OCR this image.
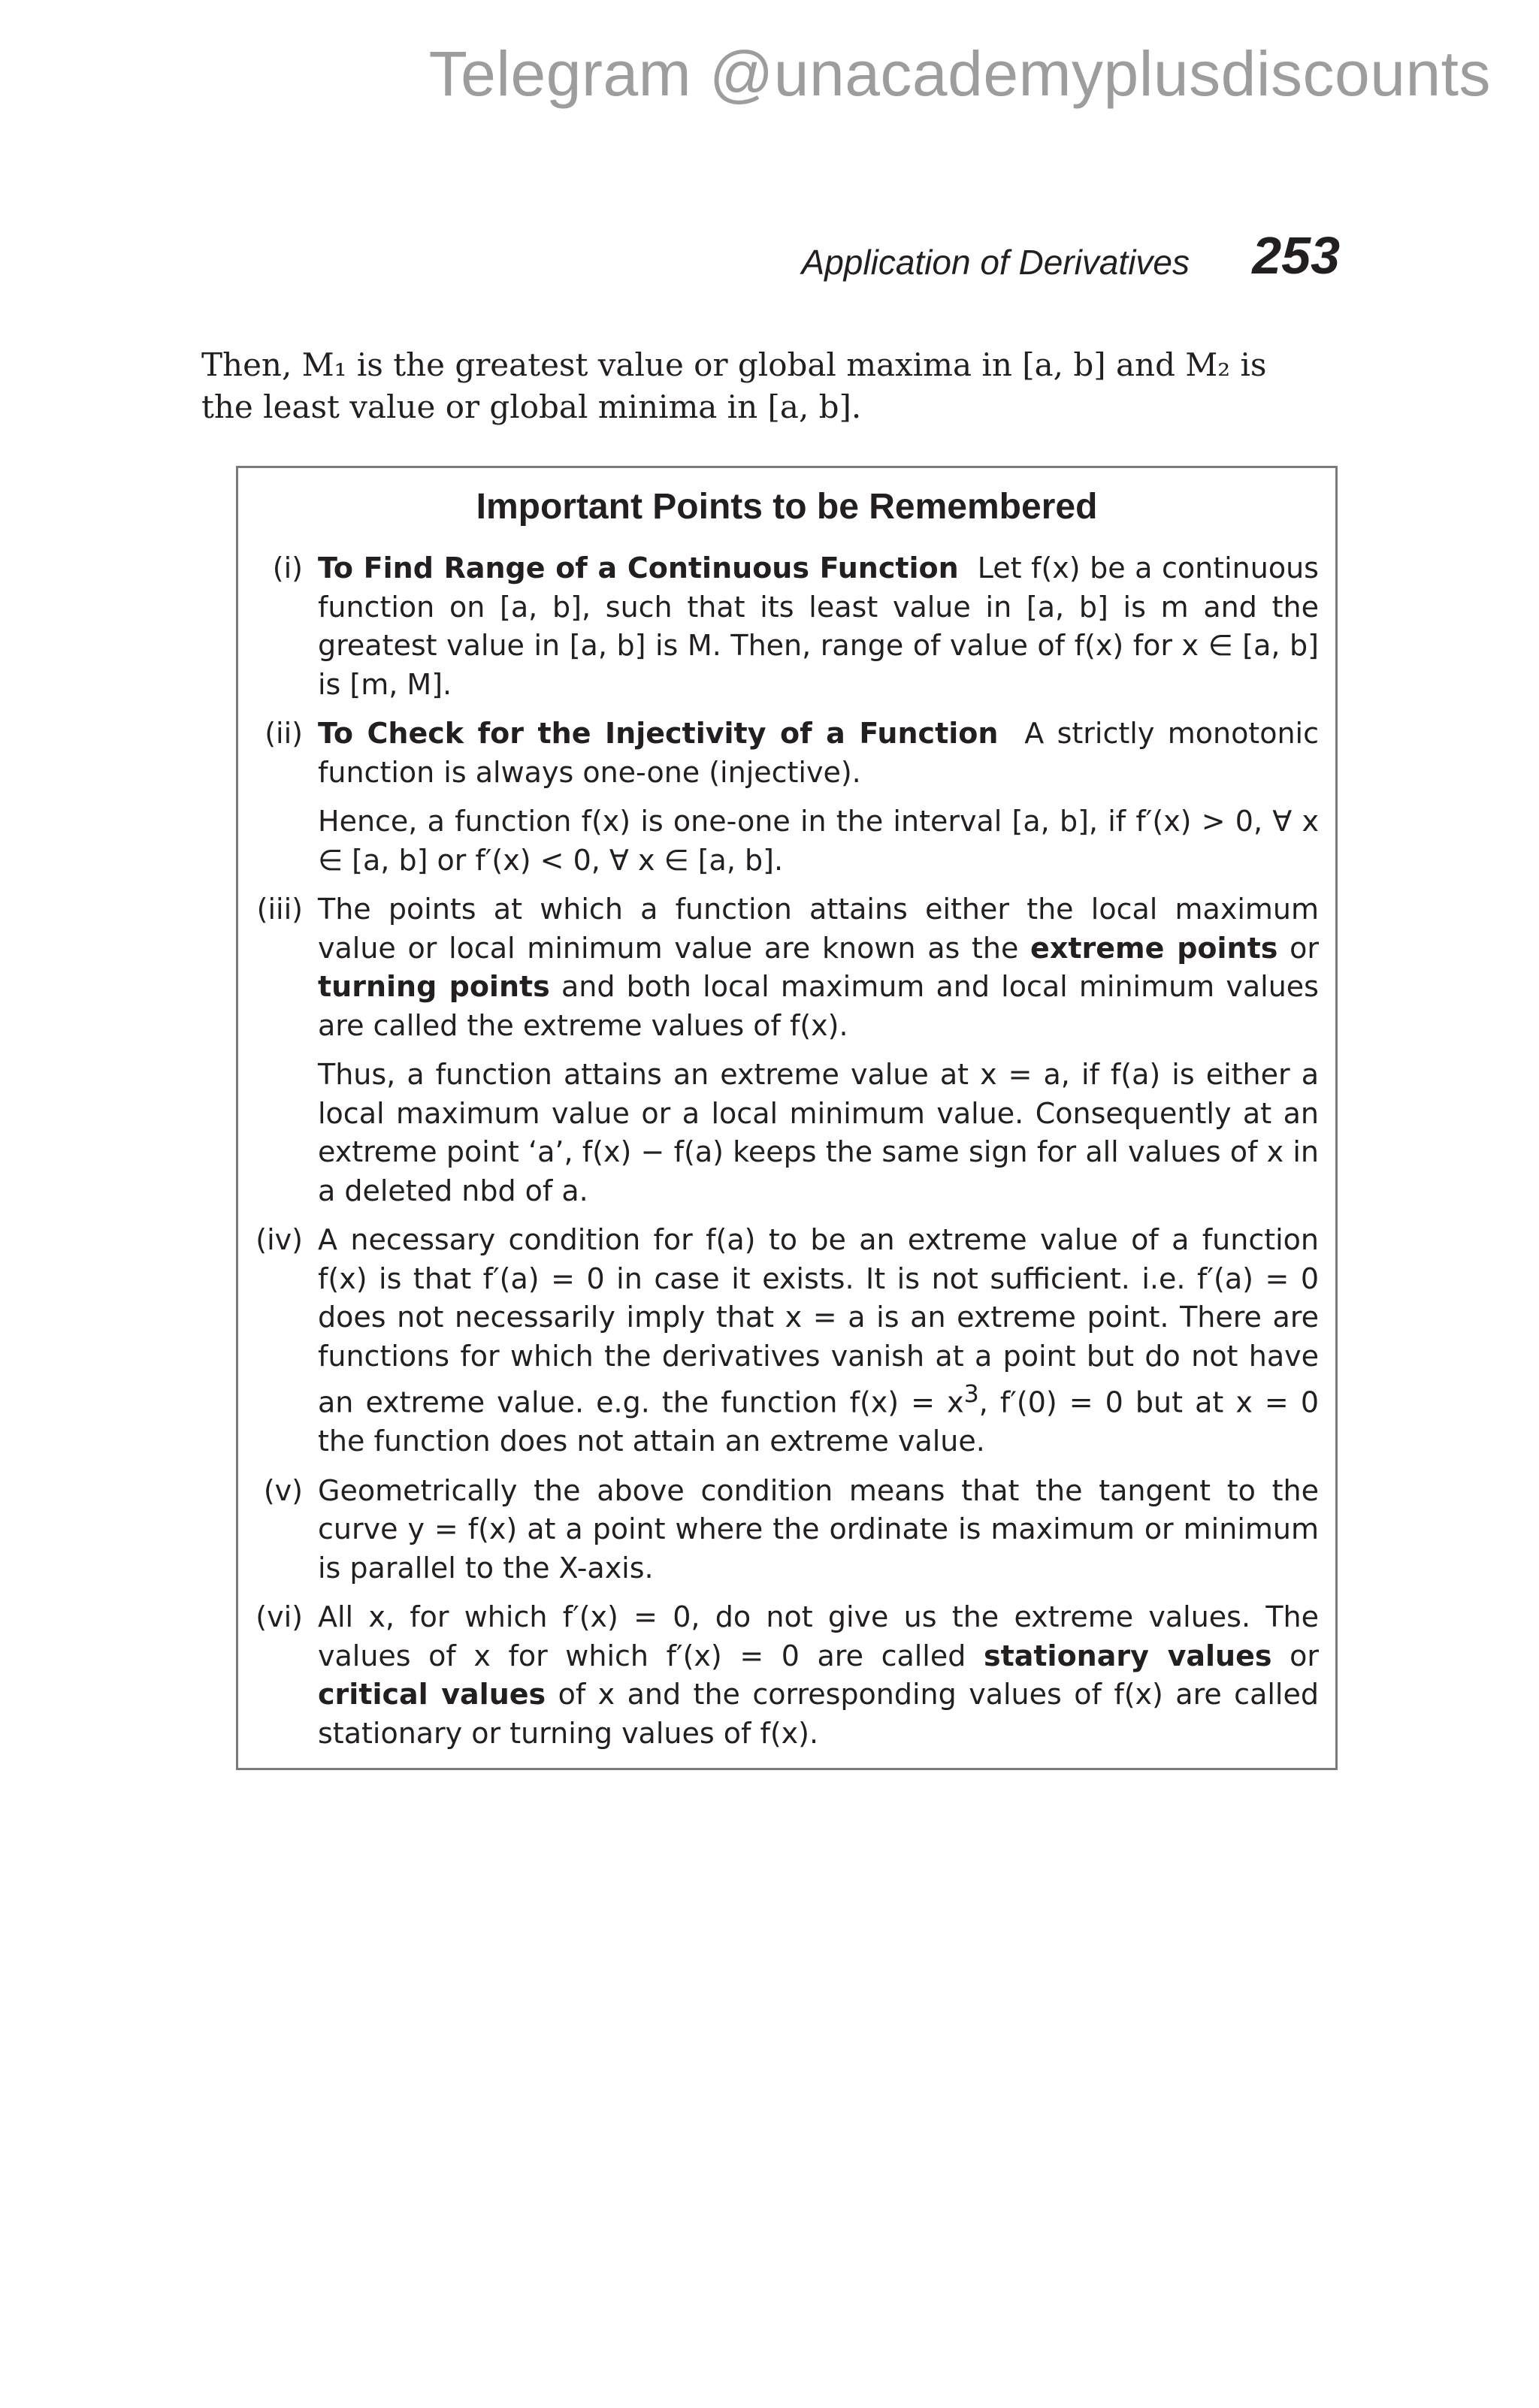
Telegram @unacademyplusdiscounts
Application of Derivatives 253

Then, M₁ is the greatest value or global maxima in [a, b] and M₂ is

the least value or global minima in [a, b].

Important Points to be Remembered
(i) To Find Range of a Continuous Function Let f(x) be a continuous function on [a, b], such that its least value in [a, b] is m and the greatest value in [a, b] is M. Then, range of value of f(x) for x ∈ [a, b] is [m, M].

(ii) To Check for the Injectivity of a Function A strictly monotonic function is always one-one (injective).

Hence, a function f(x) is one-one in the interval [a, b], if f′(x) > 0, ∀ x ∈ [a, b] or f′(x) < 0, ∀ x ∈ [a, b].

(iii) The points at which a function attains either the local maximum value or local minimum value are known as the extreme points or turning points and both local maximum and local minimum values are called the extreme values of f(x).

Thus, a function attains an extreme value at x = a, if f(a) is either a local maximum value or a local minimum value. Consequently at an extreme point ‘a’, f(x) − f(a) keeps the same sign for all values of x in a deleted nbd of a.

(iv) A necessary condition for f(a) to be an extreme value of a function f(x) is that f′(a) = 0 in case it exists. It is not sufficient. i.e. f′(a) = 0 does not necessarily imply that x = a is an extreme point. There are functions for which the derivatives vanish at a point but do not have an extreme value. e.g. the function $f(x) = x^3$, f′(0) = 0 but at x = 0 the function does not attain an extreme value.

(v) Geometrically the above condition means that the tangent to the curve y = f(x) at a point where the ordinate is maximum or minimum is parallel to the X-axis.

(vi) All x, for which f′(x) = 0, do not give us the extreme values. The values of x for which f′(x) = 0 are called stationary values or critical values of x and the corresponding values of f(x) are called stationary or turning values of f(x).
